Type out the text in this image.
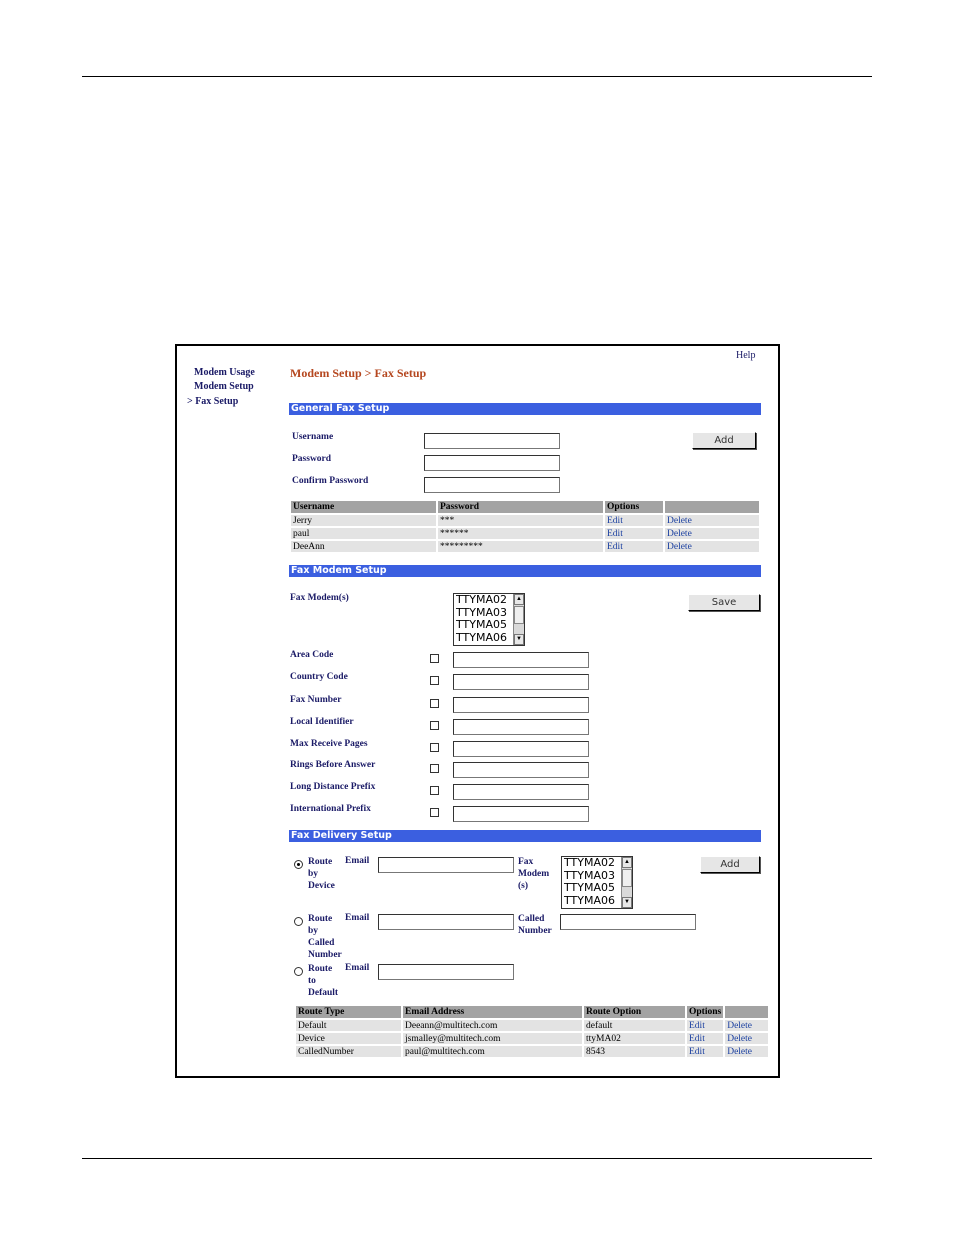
Modem Usage
Modem Setup
> Fax Setup
Help
Modem Setup > Fax Setup
General Fax Setup
Username
Password
Confirm Password
Add
Username	Password	Options	
Jerry	***	Edit	Delete
paul	******	Edit	Delete
DeeAnn	*********	Edit	Delete
Fax Modem Setup
Fax Modem(s)	TTYMA02
TTYMA03
TTYMA05
TTYMA06
▲
▼
Save
Area Code
Country Code
Fax Number
Local Identifier
Max Receive Pages
Rings Before Answer
Long Distance Prefix
International Prefix
Fax Delivery Setup
Route
by
Device
Email	Fax
Modem
(s)
TTYMA02
TTYMA03
TTYMA05
TTYMA06
▲
▼
Add
Route
by
Called
Number
Email	Called
Number
Route
to
Default
Email
Route Type	Email Address	Route Option	Options	
Default	Deeann@multitech.com	default	Edit	Delete
Device	jsmalley@multitech.com	ttyMA02	Edit	Delete
CalledNumber	paul@multitech.com	8543	Edit	Delete
